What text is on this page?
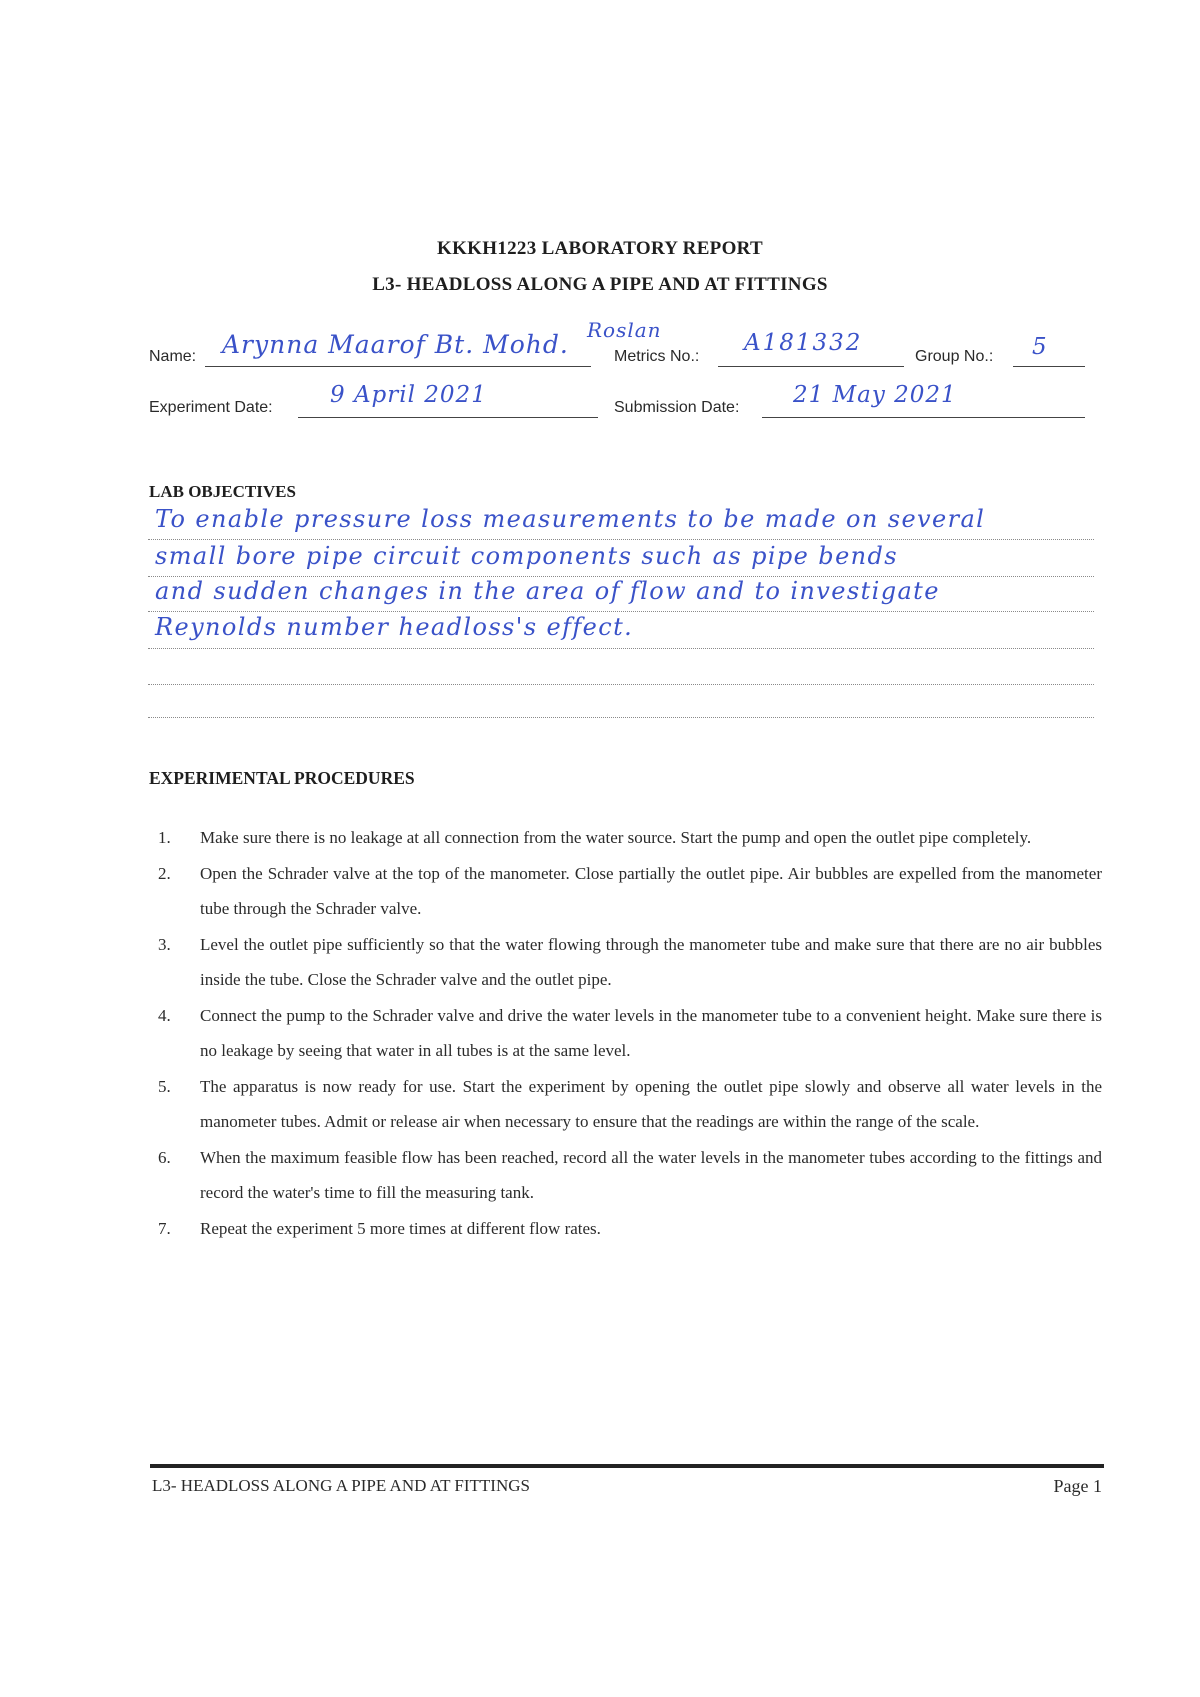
KKKH1223 LABORATORY REPORT
L3- HEADLOSS ALONG A PIPE AND AT FITTINGS
Name: Arynna Maarof Bt. Mohd. Roslan
Metrics No.:
A181332
Group No.: 5
Experiment Date: 9 April 2021	Submission Date: 21 May 2021
LAB OBJECTIVES
To enable pressure loss measurements to be made on several
small bore pipe circuit components such as pipe bends
and sudden changes in the area of flow and to investigate
Reynolds number headloss's effect.
EXPERIMENTAL PROCEDURES
1. Make sure there is no leakage at all connection from the water source. Start the pump and open the outlet pipe completely.
2. Open the Schrader valve at the top of the manometer. Close partially the outlet pipe. Air bubbles are expelled from the manometer tube through the Schrader valve.
3. Level the outlet pipe sufficiently so that the water flowing through the manometer tube and make sure that there are no air bubbles inside the tube. Close the Schrader valve and the outlet pipe.
4. Connect the pump to the Schrader valve and drive the water levels in the manometer tube to a convenient height. Make sure there is no leakage by seeing that water in all tubes is at the same level.
5. The apparatus is now ready for use. Start the experiment by opening the outlet pipe slowly and observe all water levels in the manometer tubes. Admit or release air when necessary to ensure that the readings are within the range of the scale.
6. When the maximum feasible flow has been reached, record all the water levels in the manometer tubes according to the fittings and record the water's time to fill the measuring tank.
7. Repeat the experiment 5 more times at different flow rates.
L3- HEADLOSS ALONG A PIPE AND AT FITTINGS	Page 1
